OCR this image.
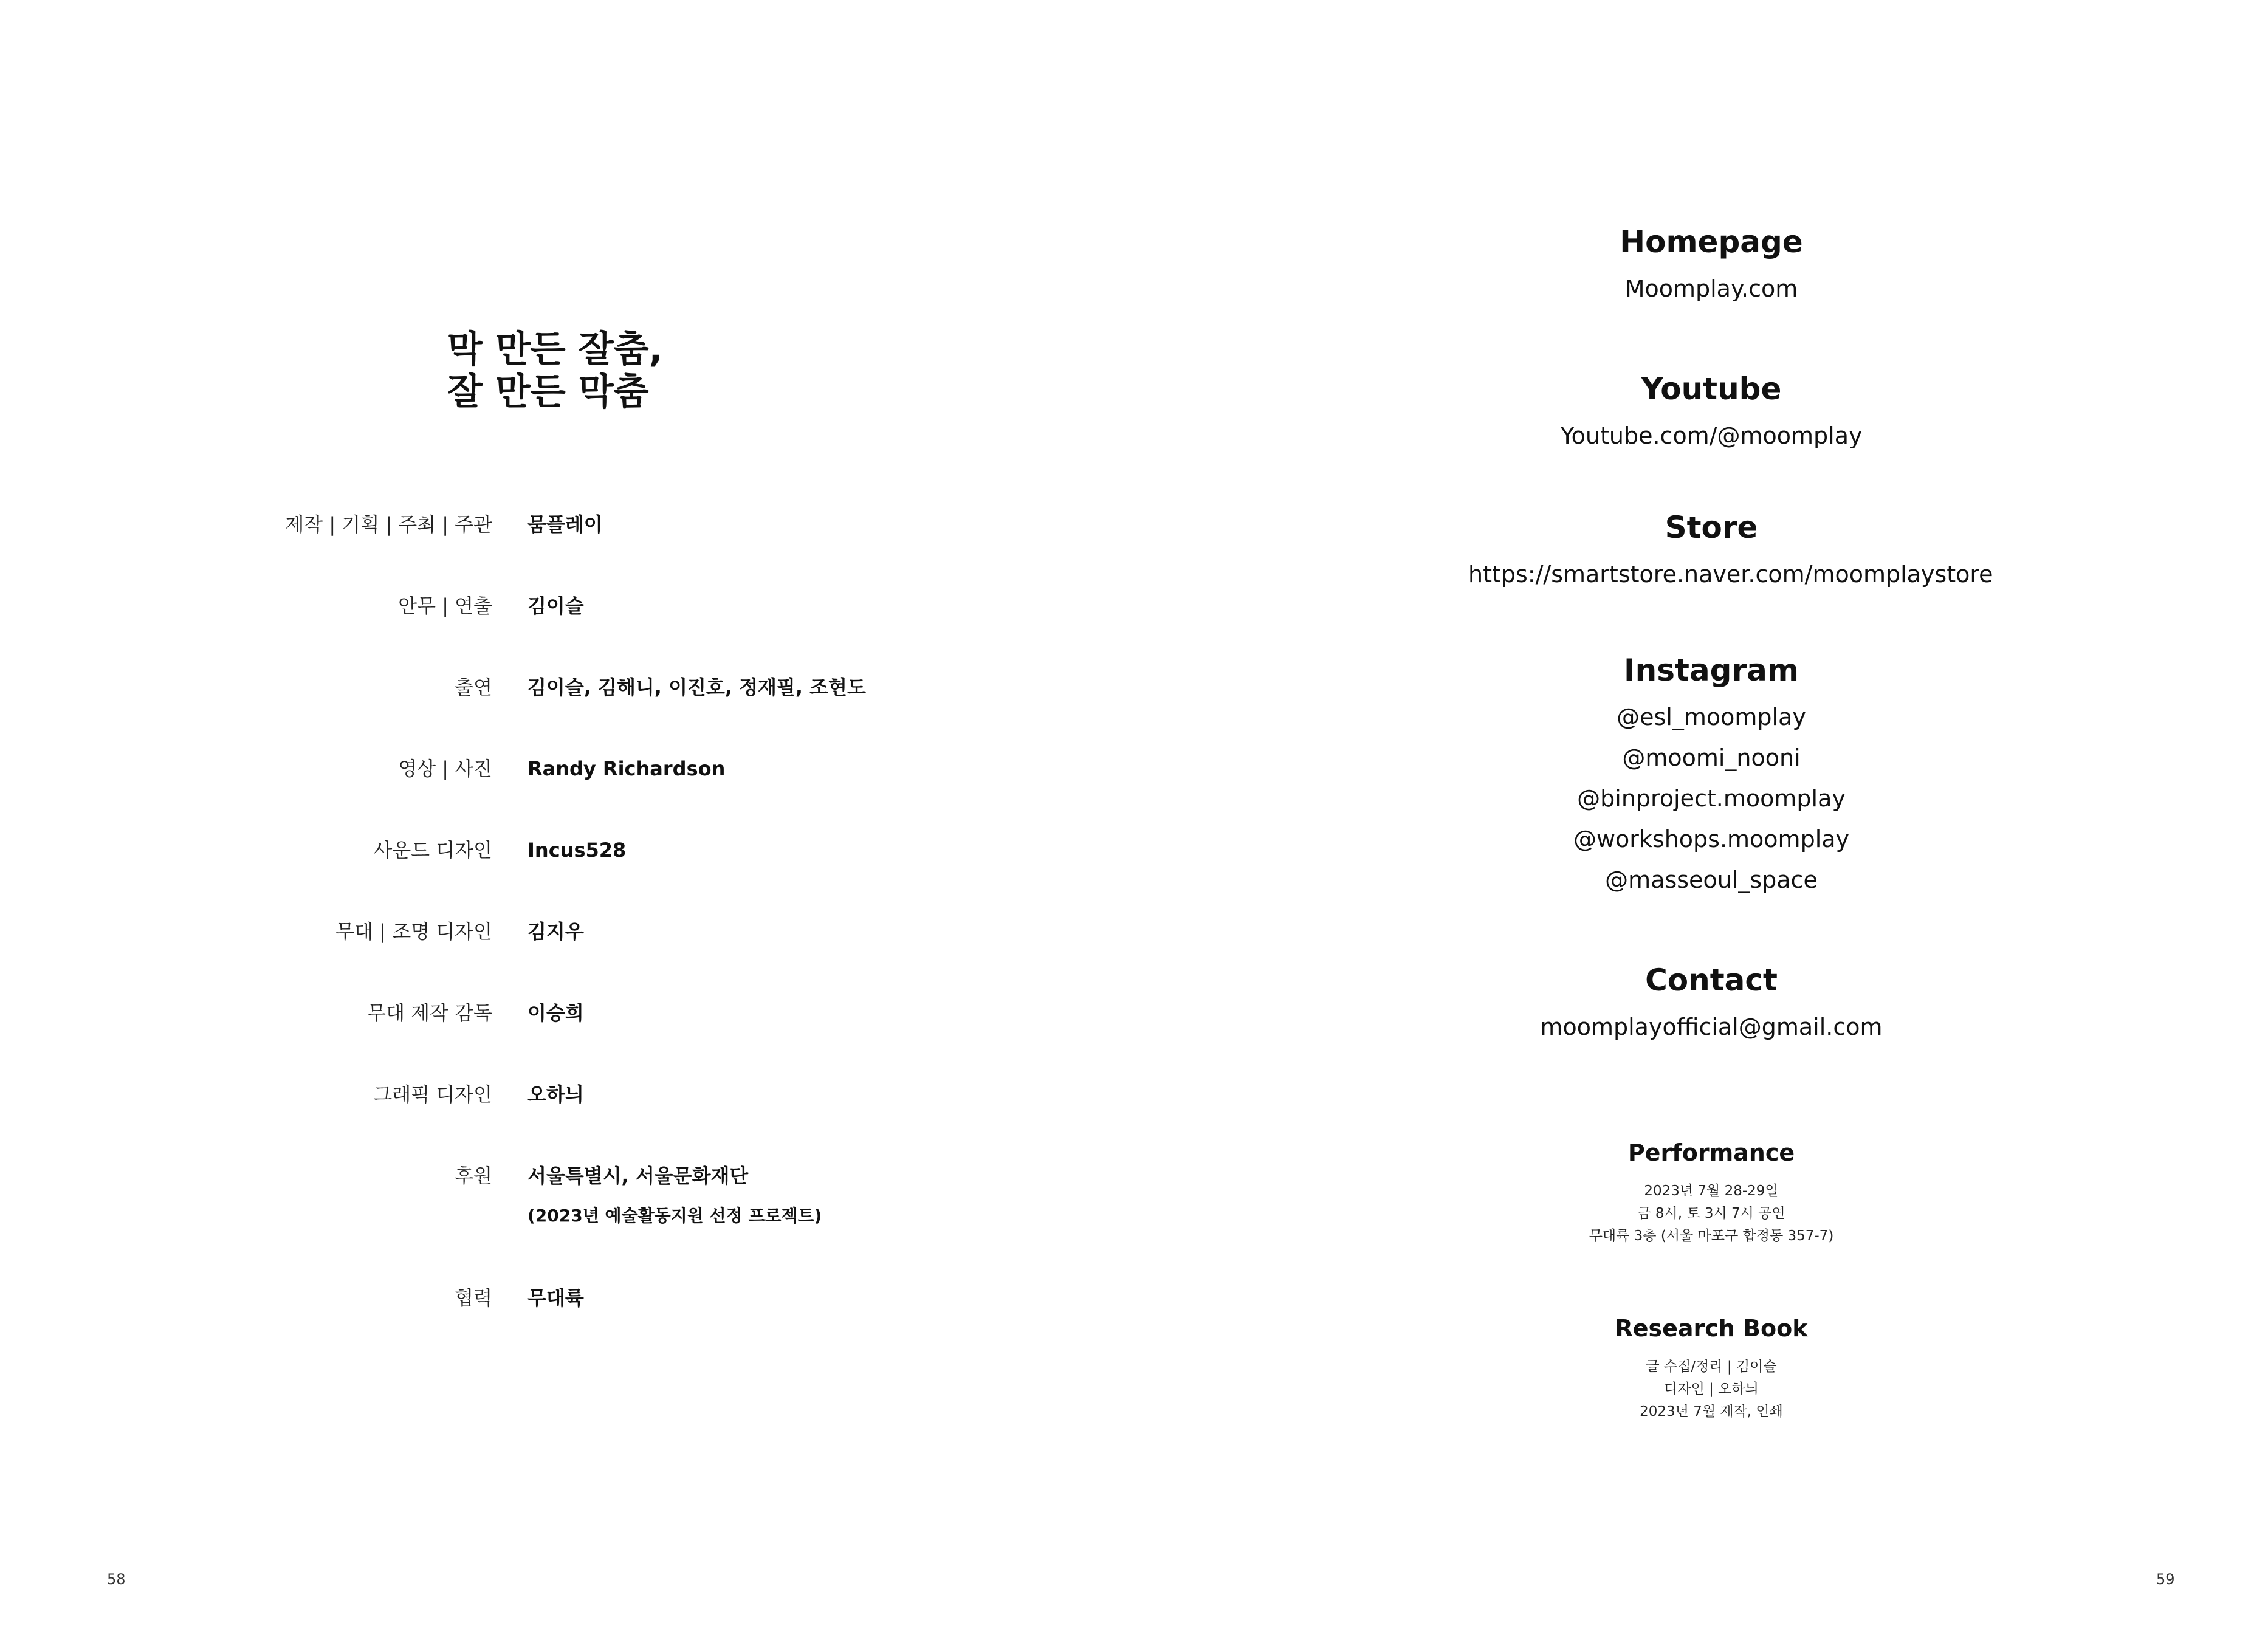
막 만든 잘춤,
잘 만든 막춤
제작 | 기획 | 주최 | 주관 뭄플레이
안무 | 연출 김이슬
출연 김이슬, 김해니, 이진호, 정재필, 조현도
영상 | 사진 Randy Richardson
사운드 디자인 Incus528
무대 | 조명 디자인 김지우
무대 제작 감독 이승희
그래픽 디자인 오하늬
후원 서울특별시, 서울문화재단
(2023년 예술활동지원 선정 프로젝트)
협력 무대륙
58
Homepage
Moomplay.com
Youtube
Youtube.com/@moomplay
Store
https://smartstore.naver.com/moomplaystore
Instagram
@esl_moomplay
@moomi_nooni
@binproject.moomplay
@workshops.moomplay
@masseoul_space
Contact
moomplayofficial@gmail.com
Performance
2023년 7월 28-29일
금 8시, 토 3시 7시 공연
무대륙 3층 (서울 마포구 합정동 357-7)
Research Book
글 수집/정리 | 김이슬
디자인 | 오하늬
2023년 7월 제작, 인쇄
59
